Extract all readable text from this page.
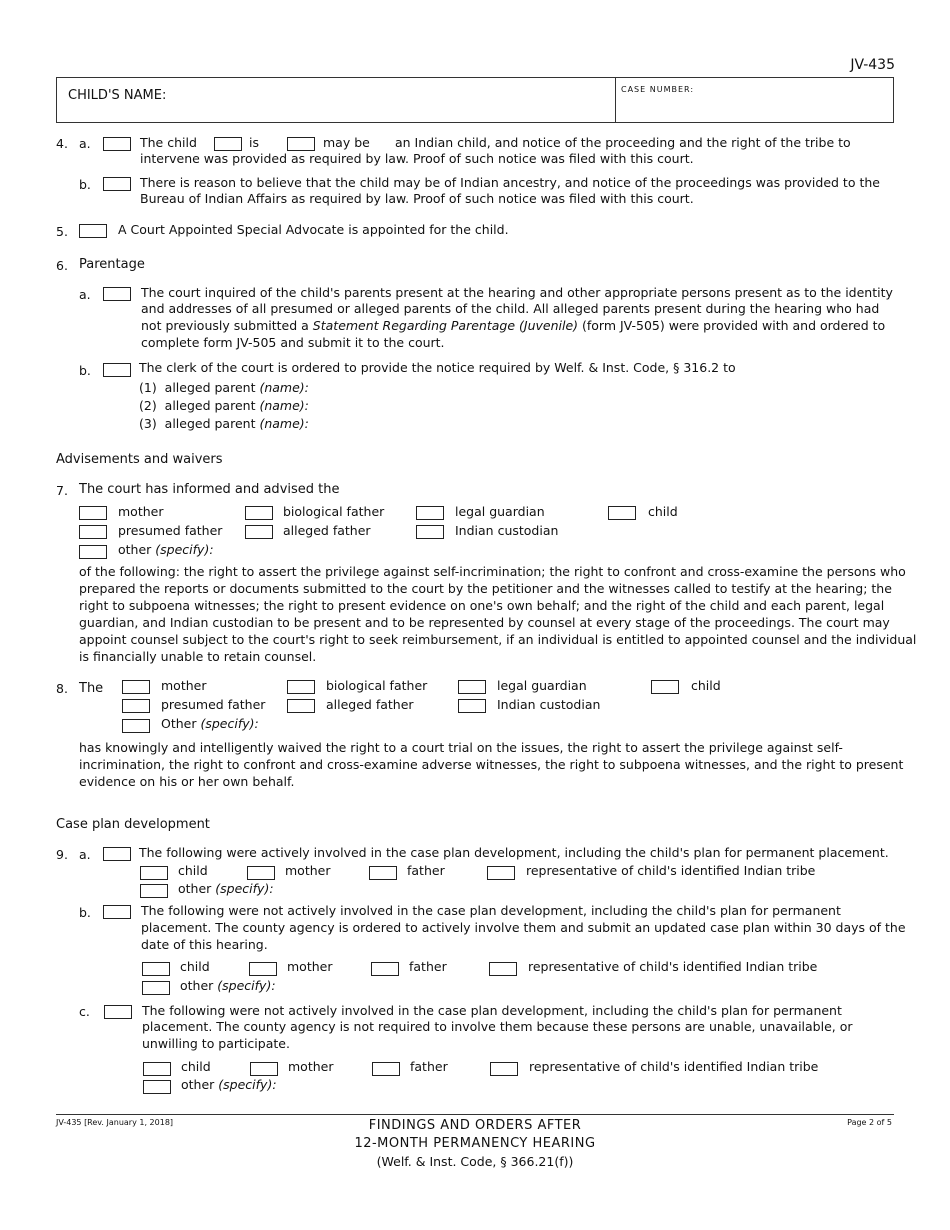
JV-435
CHILD'S NAME:	CASE NUMBER:
4. a.	The child	is	may be an Indian child, and notice of the proceeding and the right of the tribe to
intervene was provided as required by law. Proof of such notice was filed with this court.
b.	There is reason to believe that the child may be of Indian ancestry, and notice of the proceedings was provided to the
Bureau of Indian Affairs as required by law. Proof of such notice was filed with this court.
5.	A Court Appointed Special Advocate is appointed for the child.
6. Parentage
a.	The court inquired of the child's parents present at the hearing and other appropriate persons present as to the identity
and addresses of all presumed or alleged parents of the child. All alleged parents present during the hearing who had
not previously submitted a Statement Regarding Parentage (Juvenile) (form JV-505) were provided with and ordered to
complete form JV-505 and submit it to the court.
b.	The clerk of the court is ordered to provide the notice required by Welf. & Inst. Code, § 316.2 to
(1) alleged parent (name):
(2) alleged parent (name):
(3) alleged parent (name):
Advisements and waivers
7. The court has informed and advised the
mother	biological father	legal guardian	child
presumed father	alleged father	Indian custodian
other (specify):
of the following: the right to assert the privilege against self-incrimination; the right to confront and cross-examine the persons who
prepared the reports or documents submitted to the court by the petitioner and the witnesses called to testify at the hearing; the
right to subpoena witnesses; the right to present evidence on one's own behalf; and the right of the child and each parent, legal
guardian, and Indian custodian to be present and to be represented by counsel at every stage of the proceedings. The court may
appoint counsel subject to the court's right to seek reimbursement, if an individual is entitled to appointed counsel and the individual
is financially unable to retain counsel.
8. The	mother	biological father	legal guardian	child
presumed father	alleged father	Indian custodian
Other (specify):
has knowingly and intelligently waived the right to a court trial on the issues, the right to assert the privilege against self-
incrimination, the right to confront and cross-examine adverse witnesses, the right to subpoena witnesses, and the right to present
evidence on his or her own behalf.
Case plan development
9. a.	The following were actively involved in the case plan development, including the child's plan for permanent placement.
child	mother	father	representative of child's identified Indian tribe
other (specify):
b.	The following were not actively involved in the case plan development, including the child's plan for permanent
placement. The county agency is ordered to actively involve them and submit an updated case plan within 30 days of the
date of this hearing.
child	mother	father	representative of child's identified Indian tribe
other (specify):
c.	The following were not actively involved in the case plan development, including the child's plan for permanent
placement. The county agency is not required to involve them because these persons are unable, unavailable, or
unwilling to participate.
child	mother	father	representative of child's identified Indian tribe
other (specify):
JV-435 [Rev. January 1, 2018]	FINDINGS AND ORDERS AFTER
12-MONTH PERMANENCY HEARING
(Welf. & Inst. Code, § 366.21(f))
Page 2 of 5
